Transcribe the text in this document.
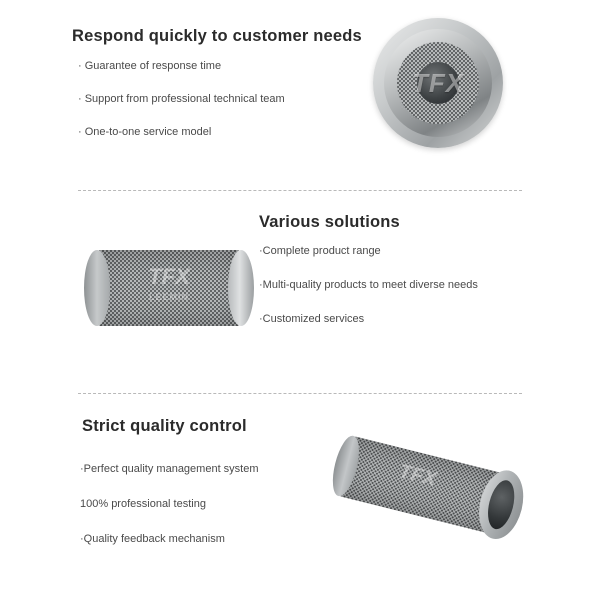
Respond quickly to customer needs
· Guarantee of response time
· Support from professional technical team
· One-to-one service model
TFX
Various solutions
·Complete product range
·Multi-quality products to meet diverse needs
·Customized services
TFX
LEEMIN
Strict quality control
·Perfect quality management system
100% professional testing
·Quality feedback mechanism
TFX
